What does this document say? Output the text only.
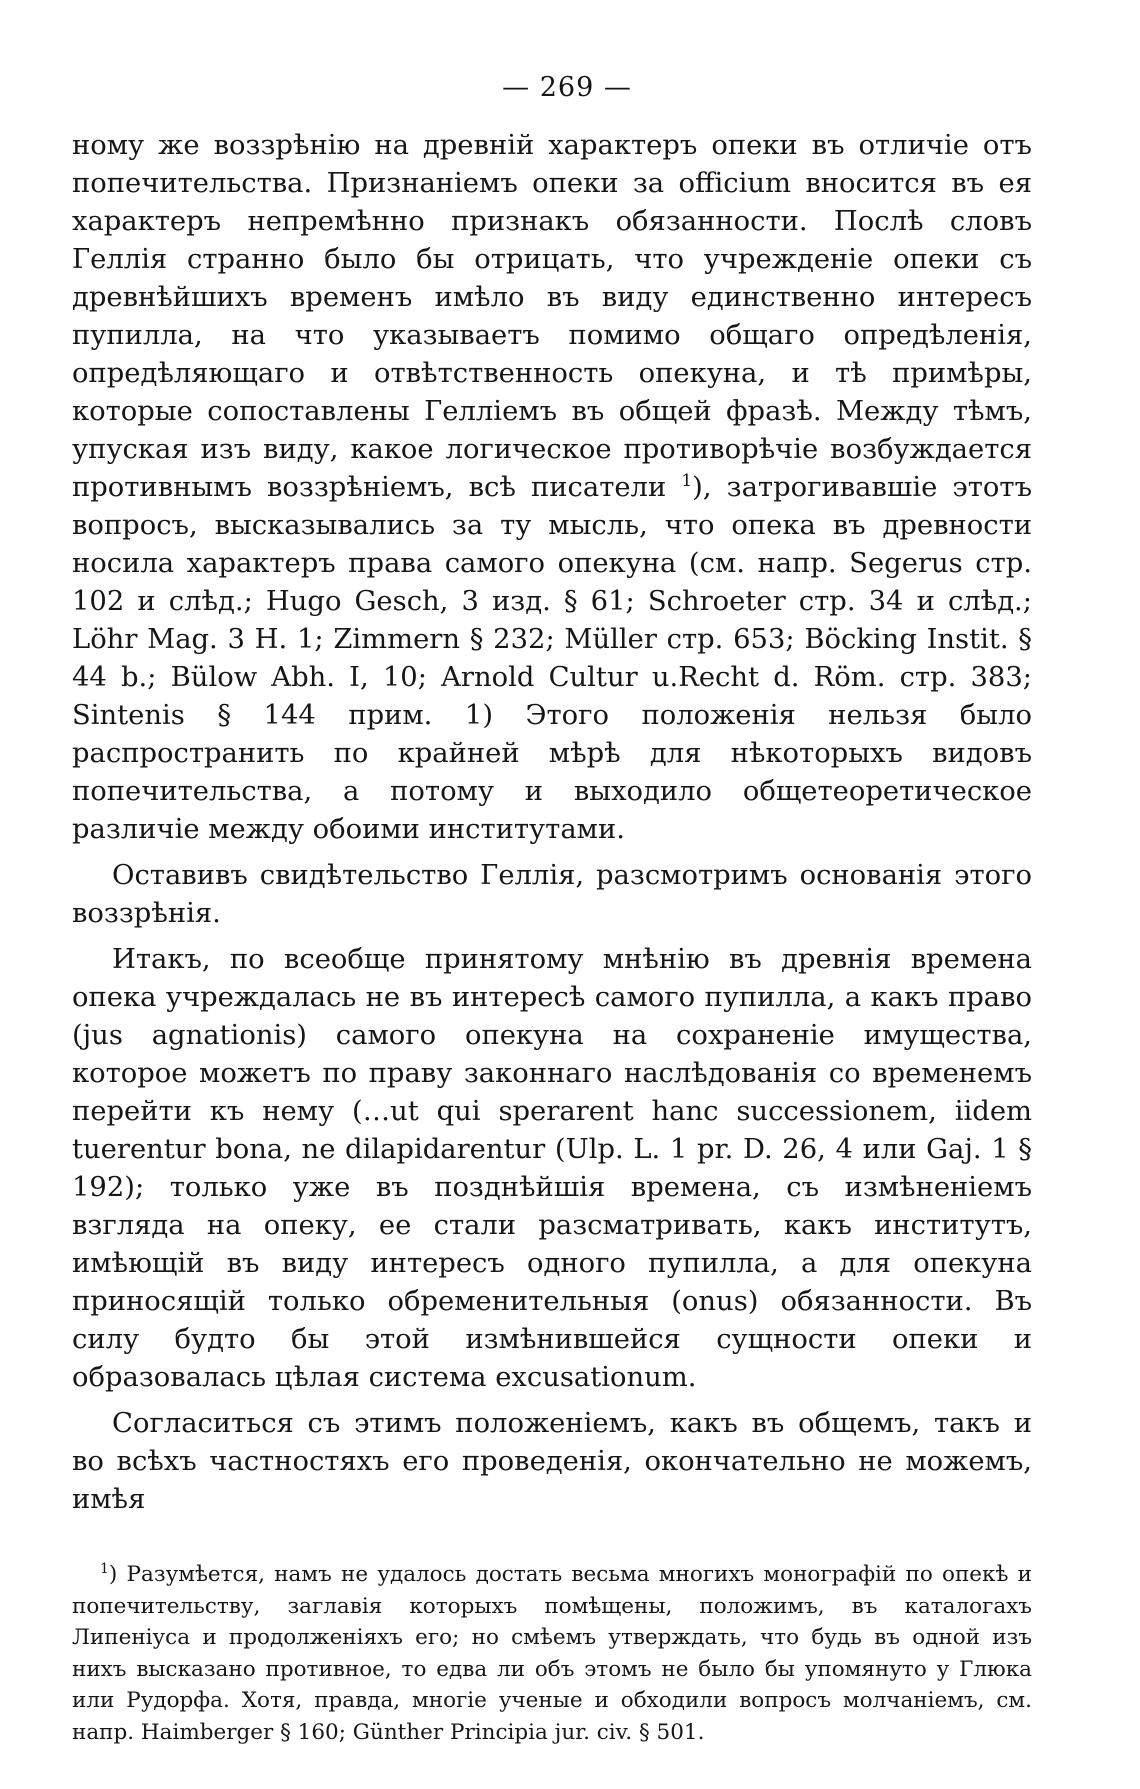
— 269 —

ному же воззрѣнію на древній характеръ опеки въ отличіе отъ попечительства. Признаніемъ опеки за officium вносится въ ея характеръ непремѣнно признакъ обязанности. Послѣ словъ Геллія странно было бы отрицать, что учрежденіе опеки съ древнѣйшихъ временъ имѣло въ виду единственно интересъ пупилла, на что указываетъ помимо общаго опредѣленія, опредѣляющаго и отвѣтственность опекуна, и тѣ примѣры, которые сопоставлены Гелліемъ въ общей фразѣ. Между тѣмъ, упуская изъ виду, какое логическое противорѣчіе возбуждается противнымъ воззрѣніемъ, всѣ писатели $^1$), затрогивавшіе этотъ вопросъ, высказывались за ту мысль, что опека въ древности носила характеръ права самого опекуна (см. напр. Segerus стр. 102 и слѣд.; Hugo Gesch, 3 изд. § 61; Schroeter стр. 34 и слѣд.; Löhr Mag. 3 H. 1; Zimmern § 232; Müller стр. 653; Böcking Instit. § 44 b.; Bülow Abh. I, 10; Arnold Cultur u.Recht d. Röm. стр. 383; Sintenis § 144 прим. 1) Этого положенія нельзя было распространить по крайней мѣрѣ для нѣкоторыхъ видовъ попечительства, а потому и выходило общетеоретическое различіе между обоими институтами.

Оставивъ свидѣтельство Геллія, разсмотримъ основанія этого воззрѣнія.

Итакъ, по всеобще принятому мнѣнію въ древнія времена опека учреждалась не въ интересѣ самого пупилла, а какъ право (jus agnationis) самого опекуна на сохраненіе имущества, которое можетъ по праву законнаго наслѣдованія со временемъ перейти къ нему (…ut qui sperarent hanc successionem, iidem tuerentur bona, ne dilapidarentur (Ulp. L. 1 pr. D. 26, 4 или Gaj. 1 § 192); только уже въ позднѣйшія времена, съ измѣненіемъ взгляда на опеку, ее стали разсматривать, какъ институтъ, имѣющій въ виду интересъ одного пупилла, а для опекуна приносящій только обременительныя (onus) обязанности. Въ силу будто бы этой измѣнившейся сущности опеки и образовалась цѣлая система excusationum.

Согласиться съ этимъ положеніемъ, какъ въ общемъ, такъ и во всѣхъ частностяхъ его проведенія, окончательно не можемъ, имѣя

$^1$) Разумѣется, намъ не удалось достать весьма многихъ монографій по опекѣ и попечительству, заглавія которыхъ помѣщены, положимъ, въ каталогахъ Липеніуса и продолженіяхъ его; но смѣемъ утверждать, что будь въ одной изъ нихъ высказано противное, то едва ли объ этомъ не было бы упомянуто у Глюка или Рудорфа. Хотя, правда, многіе ученые и обходили вопросъ молчаніемъ, см. напр. Haimberger § 160; Günther Principia jur. civ. § 501.
